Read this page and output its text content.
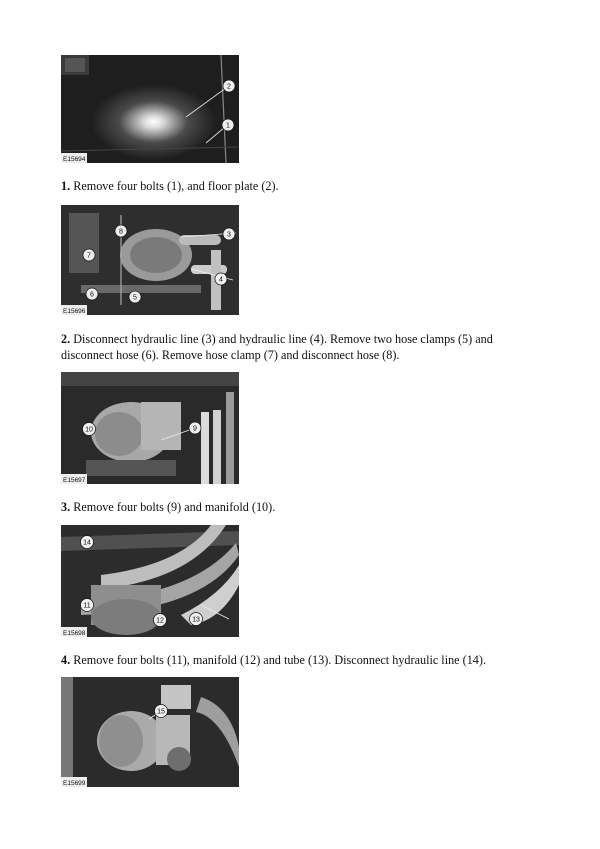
2
1
E15694
1. Remove four bolts (1), and floor plate (2).
8	3
7
4
6	5
E15696
2. Disconnect hydraulic line (3) and hydraulic line (4). Remove two hose clamps (5) and disconnect hose (6). Remove hose clamp (7) and disconnect hose (8).
10	9
E15697
3. Remove four bolts (9) and manifold (10).
14
11
12	13
E15698
4. Remove four bolts (11), manifold (12) and tube (13). Disconnect hydraulic line (14).
15
E15699
